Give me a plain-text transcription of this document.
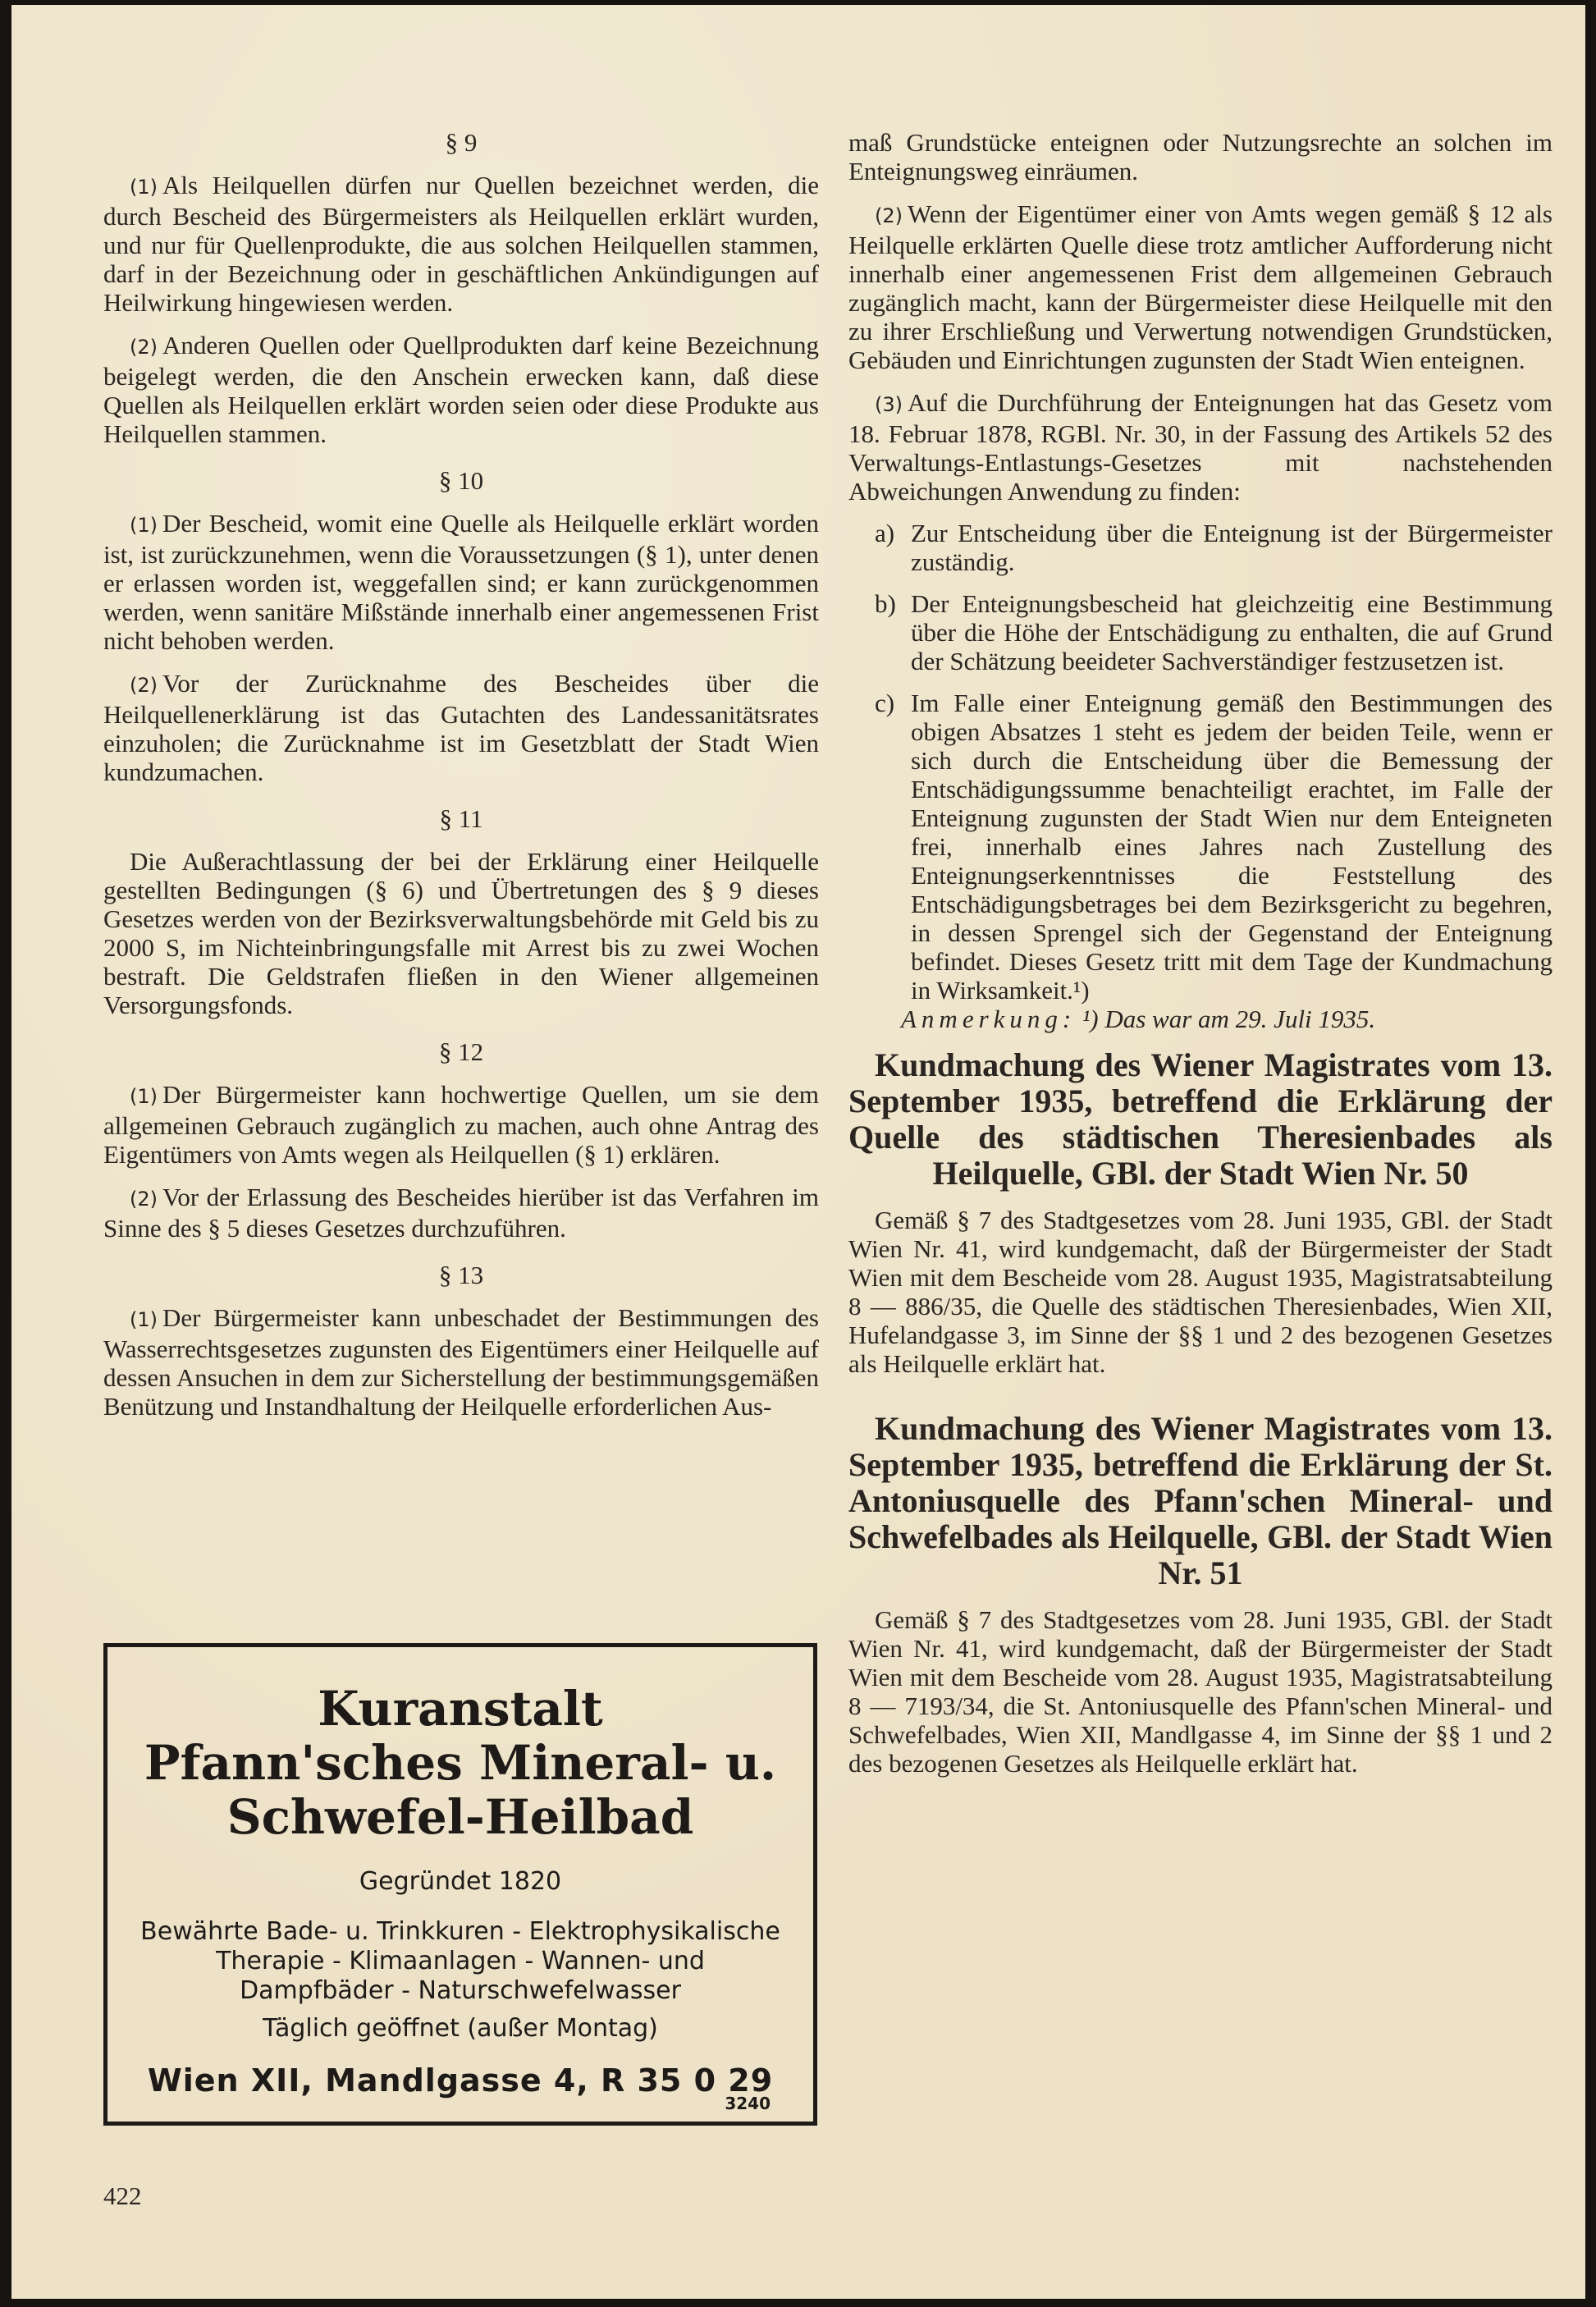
§ 9

(1) Als Heilquellen dürfen nur Quellen bezeichnet werden, die durch Bescheid des Bürgermeisters als Heilquellen erklärt wurden, und nur für Quellenprodukte, die aus solchen Heilquellen stammen, darf in der Bezeichnung oder in geschäftlichen Ankündigungen auf Heilwirkung hingewiesen werden.

(2) Anderen Quellen oder Quellprodukten darf keine Bezeichnung beigelegt werden, die den Anschein erwecken kann, daß diese Quellen als Heilquellen erklärt worden seien oder diese Produkte aus Heilquellen stammen.

§ 10

(1) Der Bescheid, womit eine Quelle als Heilquelle erklärt worden ist, ist zurückzunehmen, wenn die Voraussetzungen (§ 1), unter denen er erlassen worden ist, weggefallen sind; er kann zurückgenommen werden, wenn sanitäre Mißstände innerhalb einer angemessenen Frist nicht behoben werden.

(2) Vor der Zurücknahme des Bescheides über die Heilquellenerklärung ist das Gutachten des Landessanitätsrates einzuholen; die Zurücknahme ist im Gesetzblatt der Stadt Wien kundzumachen.

§ 11

Die Außerachtlassung der bei der Erklärung einer Heilquelle gestellten Bedingungen (§ 6) und Übertretungen des § 9 dieses Gesetzes werden von der Bezirksverwaltungsbehörde mit Geld bis zu 2000 S, im Nichteinbringungsfalle mit Arrest bis zu zwei Wochen bestraft. Die Geldstrafen fließen in den Wiener allgemeinen Versorgungsfonds.

§ 12

(1) Der Bürgermeister kann hochwertige Quellen, um sie dem allgemeinen Gebrauch zugänglich zu machen, auch ohne Antrag des Eigentümers von Amts wegen als Heilquellen (§ 1) erklären.

(2) Vor der Erlassung des Bescheides hierüber ist das Verfahren im Sinne des § 5 dieses Gesetzes durchzuführen.

§ 13

(1) Der Bürgermeister kann unbeschadet der Bestimmungen des Wasserrechtsgesetzes zugunsten des Eigentümers einer Heilquelle auf dessen Ansuchen in dem zur Sicherstellung der bestimmungsgemäßen Benützung und Instandhaltung der Heilquelle erforderlichen Aus-

maß Grundstücke enteignen oder Nutzungsrechte an solchen im Enteignungsweg einräumen.

(2) Wenn der Eigentümer einer von Amts wegen gemäß § 12 als Heilquelle erklärten Quelle diese trotz amtlicher Aufforderung nicht innerhalb einer angemessenen Frist dem allgemeinen Gebrauch zugänglich macht, kann der Bürgermeister diese Heilquelle mit den zu ihrer Erschließung und Verwertung notwendigen Grundstücken, Gebäuden und Einrichtungen zugunsten der Stadt Wien enteignen.

(3) Auf die Durchführung der Enteignungen hat das Gesetz vom 18. Februar 1878, RGBl. Nr. 30, in der Fassung des Artikels 52 des Verwaltungs-Entlastungs-Gesetzes mit nachstehenden Abweichungen Anwendung zu finden:

a) Zur Entscheidung über die Enteignung ist der Bürgermeister zuständig.
b) Der Enteignungsbescheid hat gleichzeitig eine Bestimmung über die Höhe der Entschädigung zu enthalten, die auf Grund der Schätzung beeideter Sachverständiger festzusetzen ist.
c) Im Falle einer Enteignung gemäß den Bestimmungen des obigen Absatzes 1 steht es jedem der beiden Teile, wenn er sich durch die Entscheidung über die Bemessung der Entschädigungssumme benachteiligt erachtet, im Falle der Enteignung zugunsten der Stadt Wien nur dem Enteigneten frei, innerhalb eines Jahres nach Zustellung des Enteignungserkenntnisses die Feststellung des Entschädigungsbetrages bei dem Bezirksgericht zu begehren, in dessen Sprengel sich der Gegenstand der Enteignung befindet. Dieses Gesetz tritt mit dem Tage der Kundmachung in Wirksamkeit.¹)

Anmerkung: ¹) Das war am 29. Juli 1935.

Kundmachung des Wiener Magistrates vom 13. September 1935, betreffend die Erklärung der Quelle des städtischen Theresienbades als Heilquelle, GBl. der Stadt Wien Nr. 50

Gemäß § 7 des Stadtgesetzes vom 28. Juni 1935, GBl. der Stadt Wien Nr. 41, wird kundgemacht, daß der Bürgermeister der Stadt Wien mit dem Bescheide vom 28. August 1935, Magistratsabteilung 8 — 886/35, die Quelle des städtischen Theresienbades, Wien XII, Hufelandgasse 3, im Sinne der §§ 1 und 2 des bezogenen Gesetzes als Heilquelle erklärt hat.

Kundmachung des Wiener Magistrates vom 13. September 1935, betreffend die Erklärung der St. Antoniusquelle des Pfann'schen Mineral- und Schwefelbades als Heilquelle, GBl. der Stadt Wien Nr. 51

Gemäß § 7 des Stadtgesetzes vom 28. Juni 1935, GBl. der Stadt Wien Nr. 41, wird kundgemacht, daß der Bürgermeister der Stadt Wien mit dem Bescheide vom 28. August 1935, Magistratsabteilung 8 — 7193/34, die St. Antoniusquelle des Pfann'schen Mineral- und Schwefelbades, Wien XII, Mandlgasse 4, im Sinne der §§ 1 und 2 des bezogenen Gesetzes als Heilquelle erklärt hat.

Kuranstalt
Pfann'sches Mineral- u.
Schwefel-Heilbad
Gegründet 1820
Bewährte Bade- u. Trinkkuren - Elektrophysikalische Therapie - Klimaanlagen - Wannen- und Dampfbäder - Naturschwefelwasser
Täglich geöffnet (außer Montag)
Wien XII, Mandlgasse 4, R 35 0 29
3240
422
